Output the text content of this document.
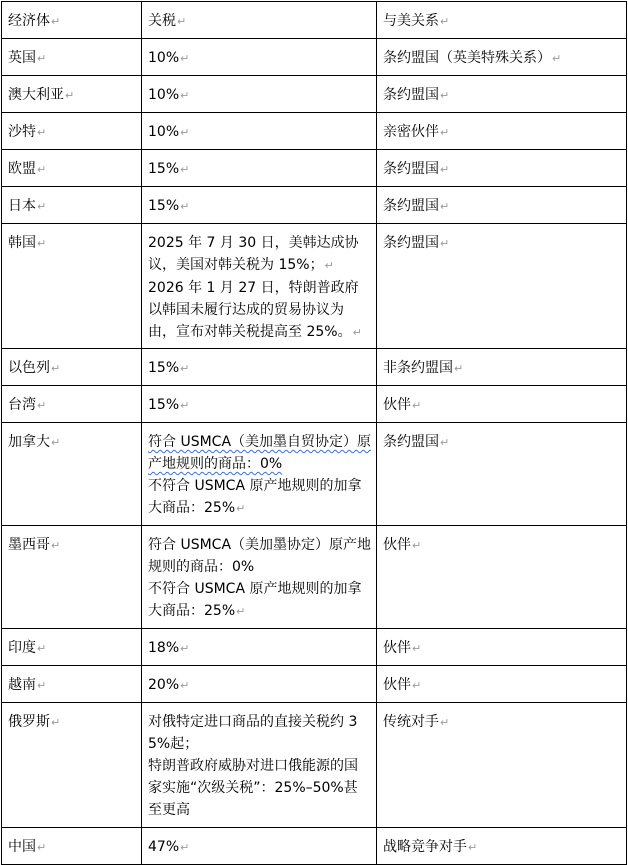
经济体↵	关税↵	与美关系↵
英国↵	10%↵	条约盟国（英美特殊关系）↵
澳大利亚↵	10%↵	条约盟国↵
沙特↵	10%↵	亲密伙伴↵
欧盟↵	15%↵	条约盟国↵
日本↵	15%↵	条约盟国↵
韩国↵	2025 年 7 月 30 日，美韩达成协议，美国对韩关税为 15%；↵
2026 年 1 月 27 日，特朗普政府以韩国未履行达成的贸易协议为由，宣布对韩关税提高至 25%。↵	条约盟国↵
以色列↵	15%↵	非条约盟国↵
台湾↵	15%↵	伙伴↵
加拿大↵	符合 USMCA（美加墨自贸协定）原产地规则的商品：0%
不符合 USMCA 原产地规则的加拿大商品：25%↵	条约盟国↵
墨西哥↵	符合 USMCA（美加墨协定）原产地规则的商品：0%
不符合 USMCA 原产地规则的加拿大商品：25%↵	伙伴↵
印度↵	18%↵	伙伴↵
越南↵	20%↵	伙伴↵
俄罗斯↵	对俄特定进口商品的直接关税约 35%起；
特朗普政府威胁对进口俄能源的国家实施“次级关税”：25%–50%甚至更高	传统对手↵
中国↵	47%↵	战略竞争对手↵
